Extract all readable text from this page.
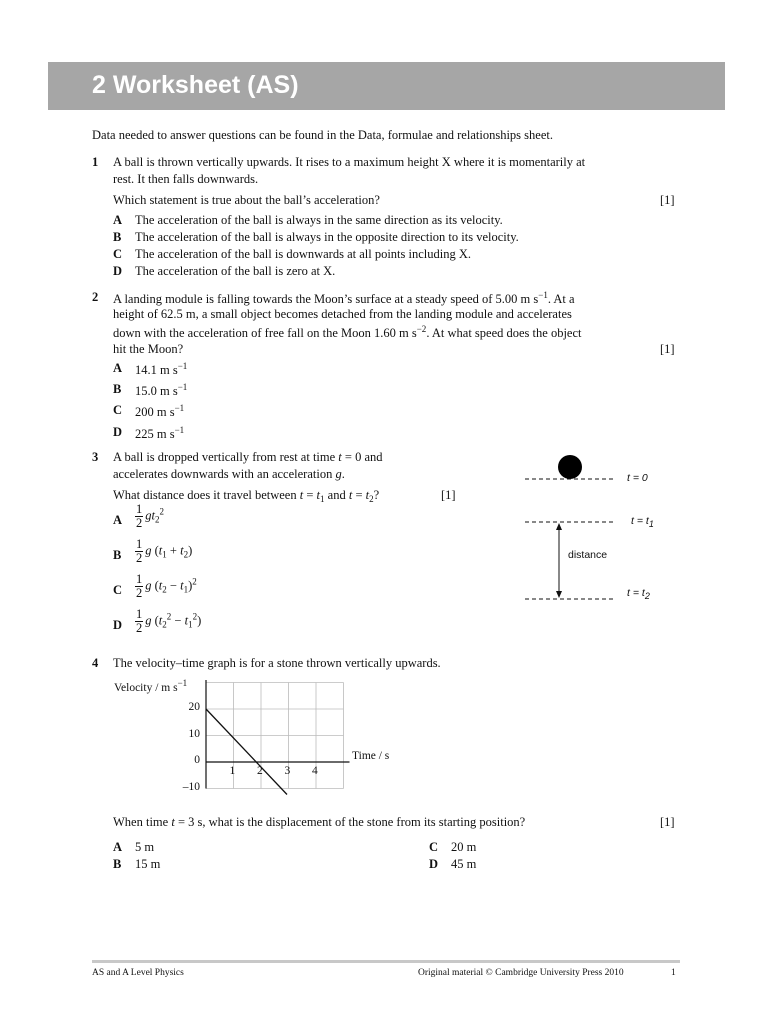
2 Worksheet (AS)
Data needed to answer questions can be found in the Data, formulae and relationships sheet.
1 A ball is thrown vertically upwards. It rises to a maximum height X where it is momentarily at
rest. It then falls downwards.
Which statement is true about the ball’s acceleration?	[1]
A The acceleration of the ball is always in the same direction as its velocity.
B The acceleration of the ball is always in the opposite direction to its velocity.
C The acceleration of the ball is downwards at all points including X.
D The acceleration of the ball is zero at X.
2 A landing module is falling towards the Moon’s surface at a steady speed of 5.00 m $s^{-1}$. At a
height of 62.5 m, a small object becomes detached from the landing module and accelerates
down with the acceleration of free fall on the Moon 1.60 m $s^{-2}$. At what speed does the object
hit the Moon?	[1]
A 14.1 m $s^{-1}$
B 15.0 m $s^{-1}$
C 200 m $s^{-1}$
D 225 m $s^{-1}$
3 A ball is dropped vertically from rest at time t = 0 and
accelerates downwards with an acceleration g.
What distance does it travel between $t = t_1$ and $t = t_2$?	[1]
A $\frac{1}{2} gt_2^2$
B $\frac{1}{2}$ g $(t_1 + t_2)$
C $\frac{1}{2}$ g $(t_2 - t_1)^2$
D $\frac{1}{2}$ g $(t_2^2 - t_1^2)$
t = 0
$t = t_1$
distance
$t = t_2$
4 The velocity–time graph is for a stone thrown vertically upwards.
Velocity / m $s^{-1}$
Time / s
20
10
0
–10
1 2 3 4
When time t = 3 s, what is the displacement of the stone from its starting position?	[1]
A 5 m
B 15 m
C 20 m
D 45 m
AS and A Level Physics	Original material © Cambridge University Press 2010	1
